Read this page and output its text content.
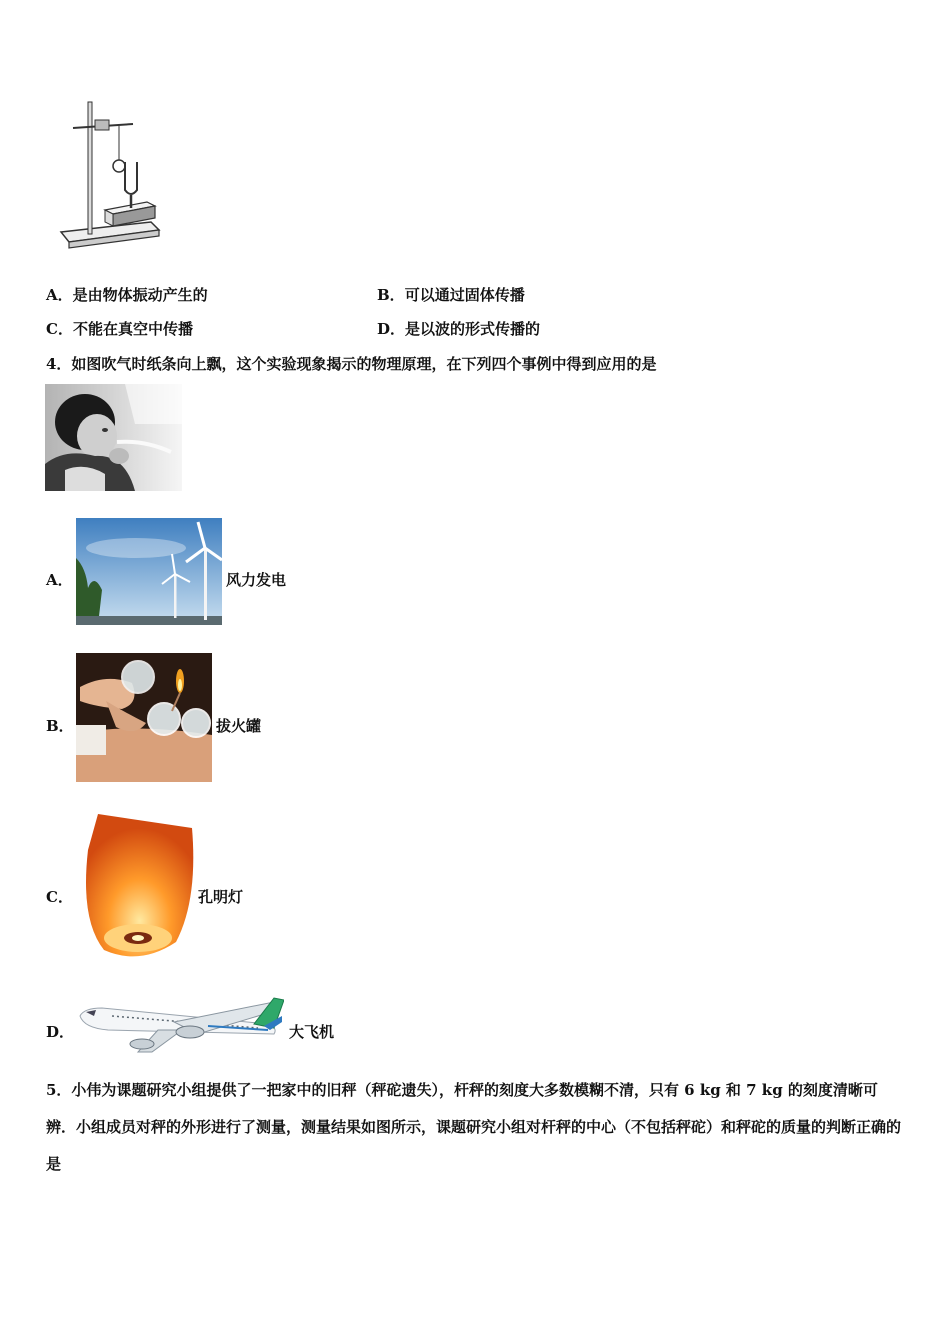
A．是由物体振动产生的	B．可以通过固体传播
C．不能在真空中传播	D．是以波的形式传播的
4．如图吹气时纸条向上飘，这个实验现象揭示的物理原理，在下列四个事例中得到应用的是
A．	风力发电
B．	拔火罐
C．	孔明灯
D．	大飞机
5．小伟为课题研究小组提供了一把家中的旧秤（秤砣遗失），杆秤的刻度大多数模糊不清，只有 6 kg 和 7 kg 的刻度清晰可辨．小组成员对秤的外形进行了测量，测量结果如图所示，课题研究小组对杆秤的中心（不包括秤砣）和秤砣的质量的判断正确的是
